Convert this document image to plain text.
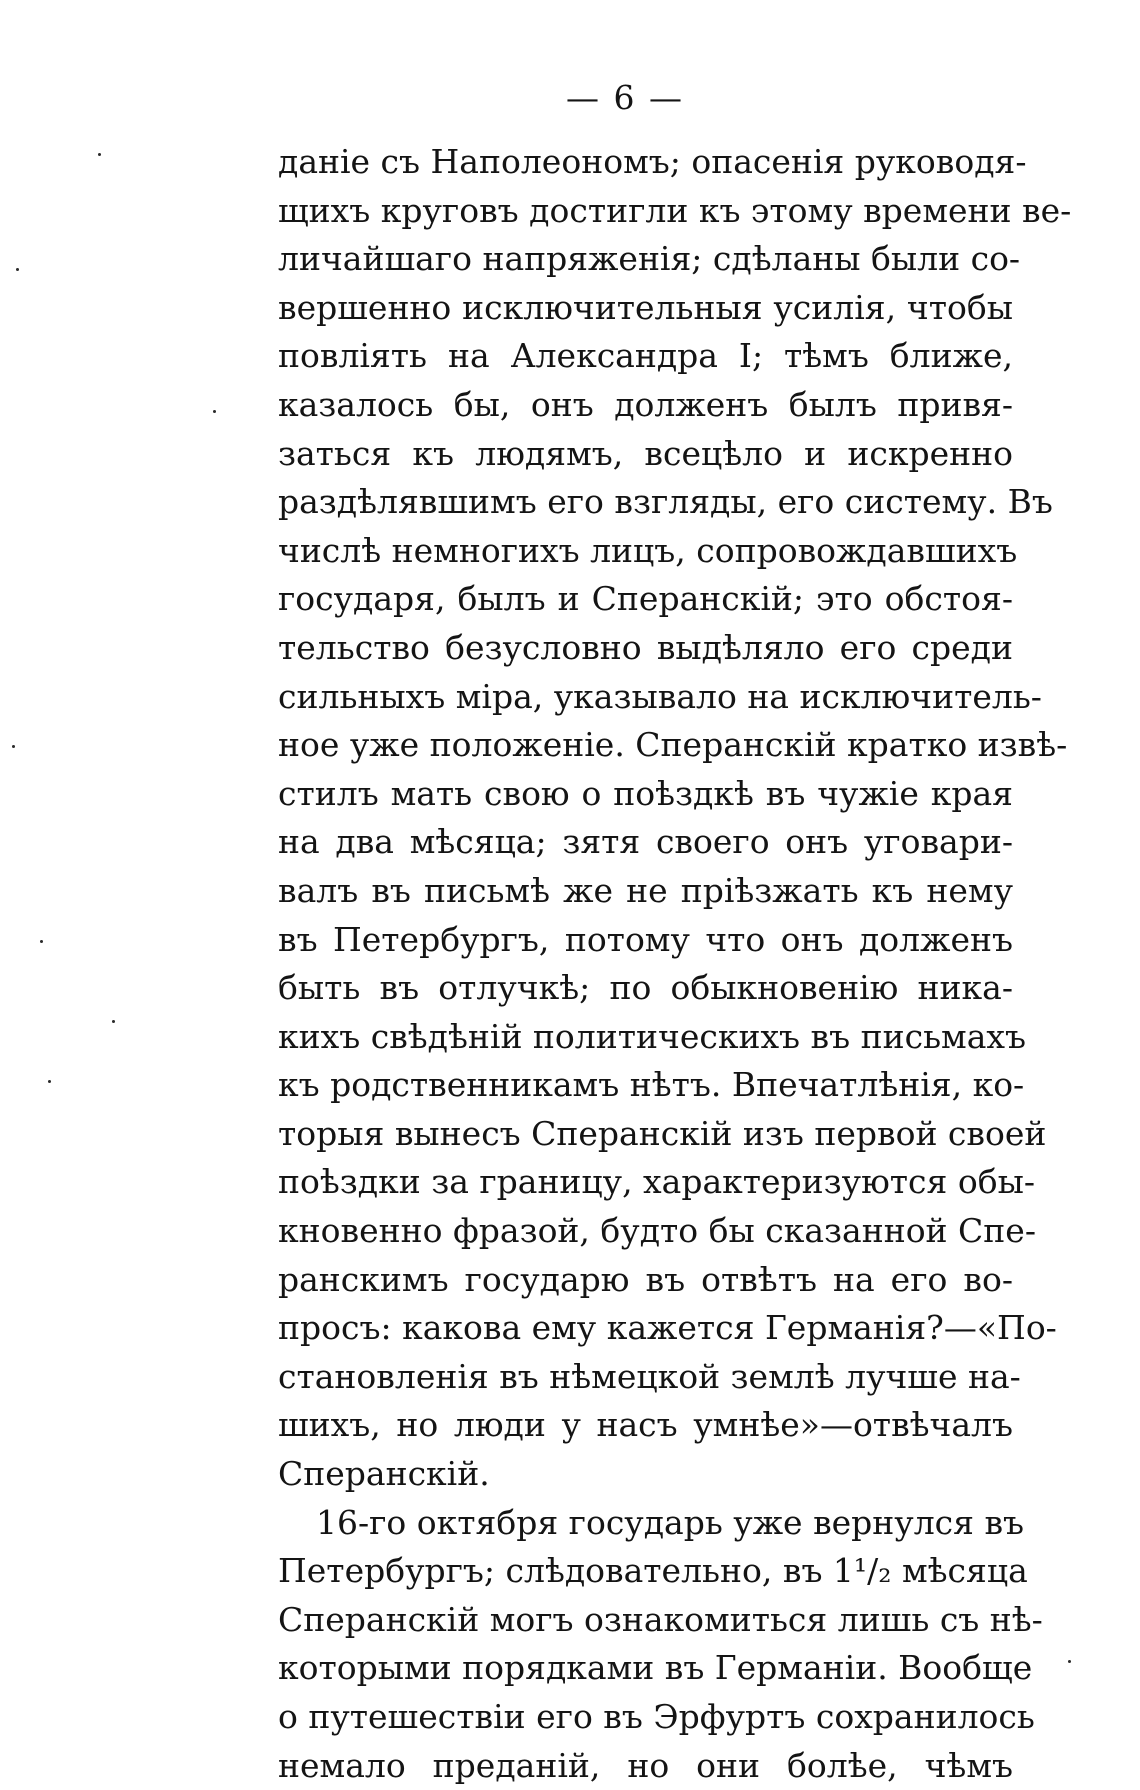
— 6 —
даніе съ Наполеономъ; опасенія руководя-
щихъ круговъ достигли къ этому времени ве-
личайшаго напряженія; сдѣланы были со-
вершенно исключительныя усилія, чтобы
повліять на Александра I; тѣмъ ближе,
казалось бы, онъ долженъ былъ привя-
заться къ людямъ, всецѣло и искренно
раздѣлявшимъ его взгляды, его систему. Въ
числѣ немногихъ лицъ, сопровождавшихъ
государя, былъ и Сперанскій; это обстоя-
тельство безусловно выдѣляло его среди
сильныхъ міра, указывало на исключитель-
ное уже положеніе. Сперанскій кратко извѣ-
стилъ мать свою о поѣздкѣ въ чужіе края
на два мѣсяца; зятя своего онъ уговари-
валъ въ письмѣ же не пріѣзжать къ нему
въ Петербургъ, потому что онъ долженъ
быть въ отлучкѣ; по обыкновенію ника-
кихъ свѣдѣній политическихъ въ письмахъ
къ родственникамъ нѣтъ. Впечатлѣнія, ко-
торыя вынесъ Сперанскій изъ первой своей
поѣздки за границу, характеризуются обы-
кновенно фразой, будто бы сказанной Спе-
ранскимъ государю въ отвѣтъ на его во-
просъ: какова ему кажется Германія?—«По-
становленія въ нѣмецкой землѣ лучше на-
шихъ, но люди у насъ умнѣе»—отвѣчалъ
Сперанскій.
16-го октября государь уже вернулся въ
Петербургъ; слѣдовательно, въ 1¹/₂ мѣсяца
Сперанскій могъ ознакомиться лишь съ нѣ-
которыми порядками въ Германіи. Вообще
о путешествіи его въ Эрфуртъ сохранилось
немало преданій, но они болѣе, чѣмъ
